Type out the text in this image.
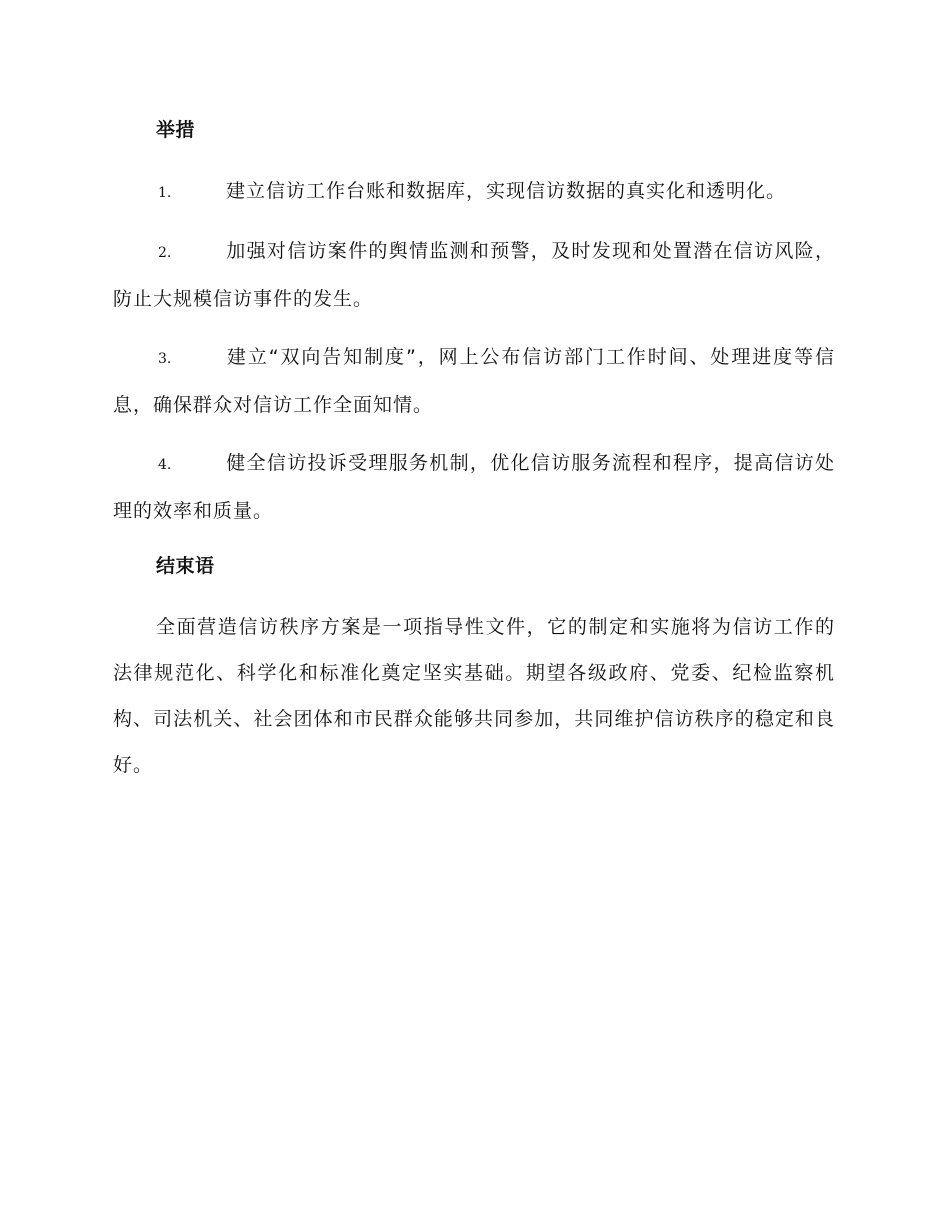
举措
1.	建立信访工作台账和数据库，实现信访数据的真实化和透明化。
2.	加强对信访案件的舆情监测和预警，及时发现和处置潜在信访风险，防止大规模信访事件的发生。
3.	建立“双向告知制度”，网上公布信访部门工作时间、处理进度等信息，确保群众对信访工作全面知情。
4.	健全信访投诉受理服务机制，优化信访服务流程和程序，提高信访处理的效率和质量。
结束语

全面营造信访秩序方案是一项指导性文件，它的制定和实施将为信访工作的法律规范化、科学化和标准化奠定坚实基础。期望各级政府、党委、纪检监察机构、司法机关、社会团体和市民群众能够共同参加，共同维护信访秩序的稳定和良好。
